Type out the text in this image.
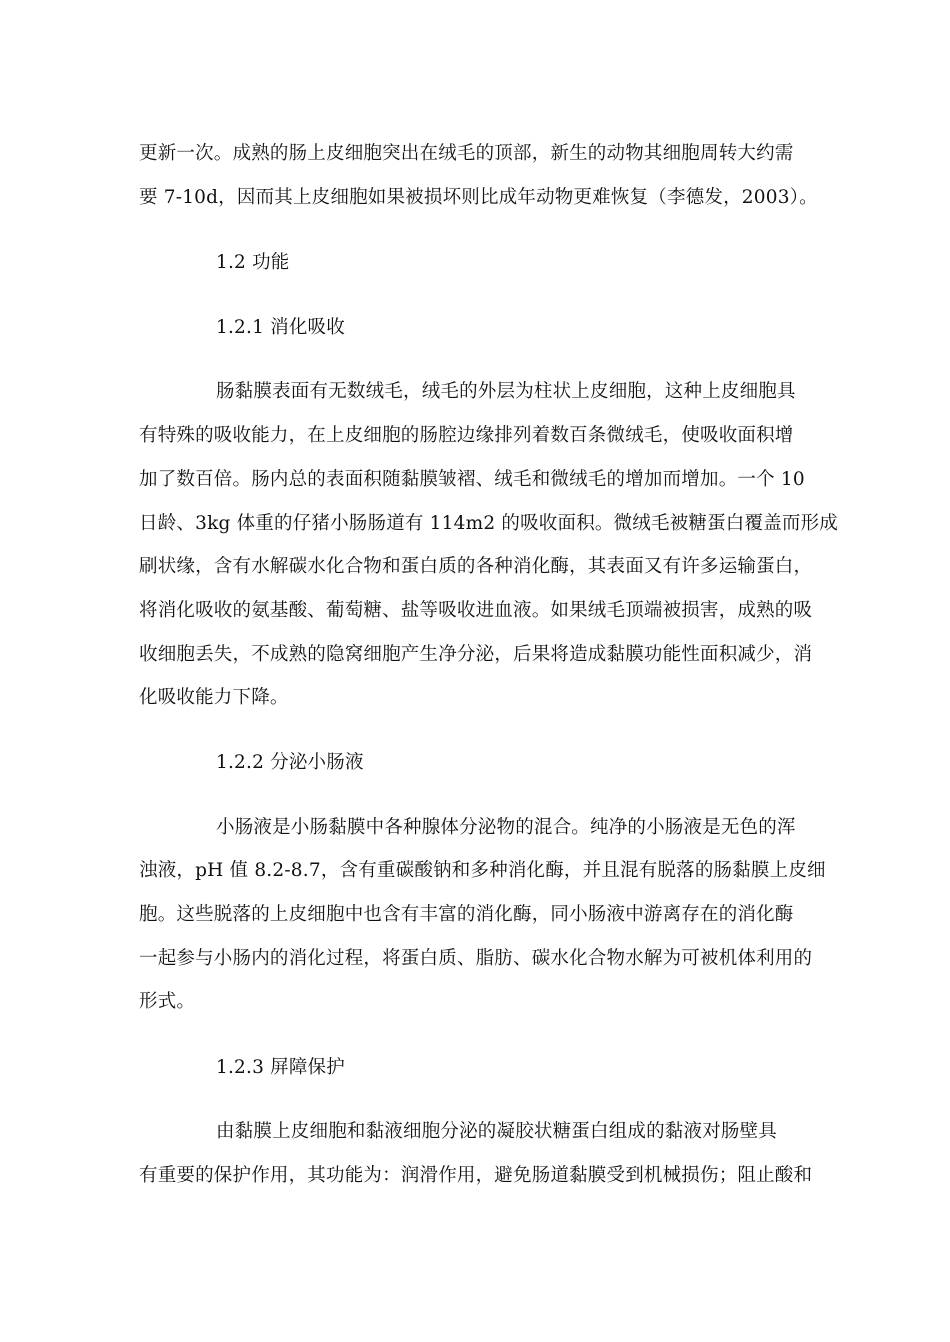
更新一次。成熟的肠上皮细胞突出在绒毛的顶部，新生的动物其细胞周转大约需
要 7-10d，因而其上皮细胞如果被损坏则比成年动物更难恢复（李德发，2003）。
1.2 功能
1.2.1 消化吸收
肠黏膜表面有无数绒毛，绒毛的外层为柱状上皮细胞，这种上皮细胞具
有特殊的吸收能力，在上皮细胞的肠腔边缘排列着数百条微绒毛，使吸收面积增
加了数百倍。肠内总的表面积随黏膜皱褶、绒毛和微绒毛的增加而增加。一个 10
日龄、3kg 体重的仔猪小肠肠道有 114m2 的吸收面积。微绒毛被糖蛋白覆盖而形成
刷状缘，含有水解碳水化合物和蛋白质的各种消化酶，其表面又有许多运输蛋白，
将消化吸收的氨基酸、葡萄糖、盐等吸收进血液。如果绒毛顶端被损害，成熟的吸
收细胞丢失，不成熟的隐窝细胞产生净分泌，后果将造成黏膜功能性面积减少，消
化吸收能力下降。
1.2.2 分泌小肠液
小肠液是小肠黏膜中各种腺体分泌物的混合。纯净的小肠液是无色的浑
浊液，pH 值 8.2-8.7，含有重碳酸钠和多种消化酶，并且混有脱落的肠黏膜上皮细
胞。这些脱落的上皮细胞中也含有丰富的消化酶，同小肠液中游离存在的消化酶
一起参与小肠内的消化过程，将蛋白质、脂肪、碳水化合物水解为可被机体利用的
形式。
1.2.3 屏障保护
由黏膜上皮细胞和黏液细胞分泌的凝胶状糖蛋白组成的黏液对肠壁具
有重要的保护作用，其功能为：润滑作用，避免肠道黏膜受到机械损伤；阻止酸和
